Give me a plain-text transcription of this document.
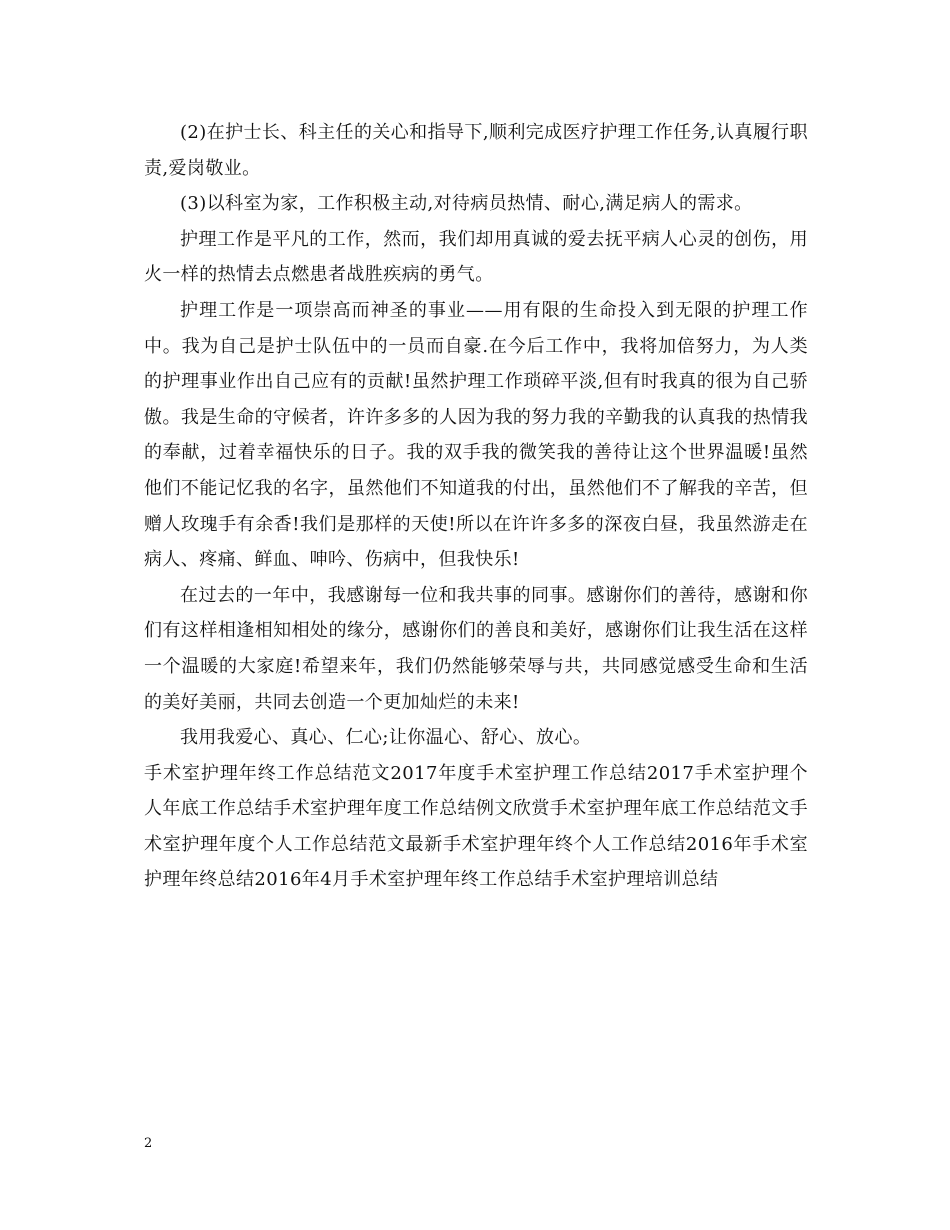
(2)在护士长、科主任的关心和指导下,顺利完成医疗护理工作任务,认真履行职责,爱岗敬业。

(3)以科室为家，工作积极主动,对待病员热情、耐心,满足病人的需求。

护理工作是平凡的工作，然而，我们却用真诚的爱去抚平病人心灵的创伤，用火一样的热情去点燃患者战胜疾病的勇气。

护理工作是一项崇高而神圣的事业——用有限的生命投入到无限的护理工作中。我为自己是护士队伍中的一员而自豪.在今后工作中，我将加倍努力，为人类的护理事业作出自己应有的贡献!虽然护理工作琐碎平淡,但有时我真的很为自己骄傲。我是生命的守候者，许许多多的人因为我的努力我的辛勤我的认真我的热情我的奉献，过着幸福快乐的日子。我的双手我的微笑我的善待让这个世界温暖!虽然他们不能记忆我的名字，虽然他们不知道我的付出，虽然他们不了解我的辛苦，但赠人玫瑰手有余香!我们是那样的天使!所以在许许多多的深夜白昼，我虽然游走在病人、疼痛、鲜血、呻吟、伤病中，但我快乐!

在过去的一年中，我感谢每一位和我共事的同事。感谢你们的善待，感谢和你们有这样相逢相知相处的缘分，感谢你们的善良和美好，感谢你们让我生活在这样一个温暖的大家庭!希望来年，我们仍然能够荣辱与共，共同感觉感受生命和生活的美好美丽，共同去创造一个更加灿烂的未来!

我用我爱心、真心、仁心;让你温心、舒心、放心。

手术室护理年终工作总结范文2017年度手术室护理工作总结2017手术室护理个人年底工作总结手术室护理年度工作总结例文欣赏手术室护理年底工作总结范文手术室护理年度个人工作总结范文最新手术室护理年终个人工作总结2016年手术室护理年终总结2016年4月手术室护理年终工作总结手术室护理培训总结

2
